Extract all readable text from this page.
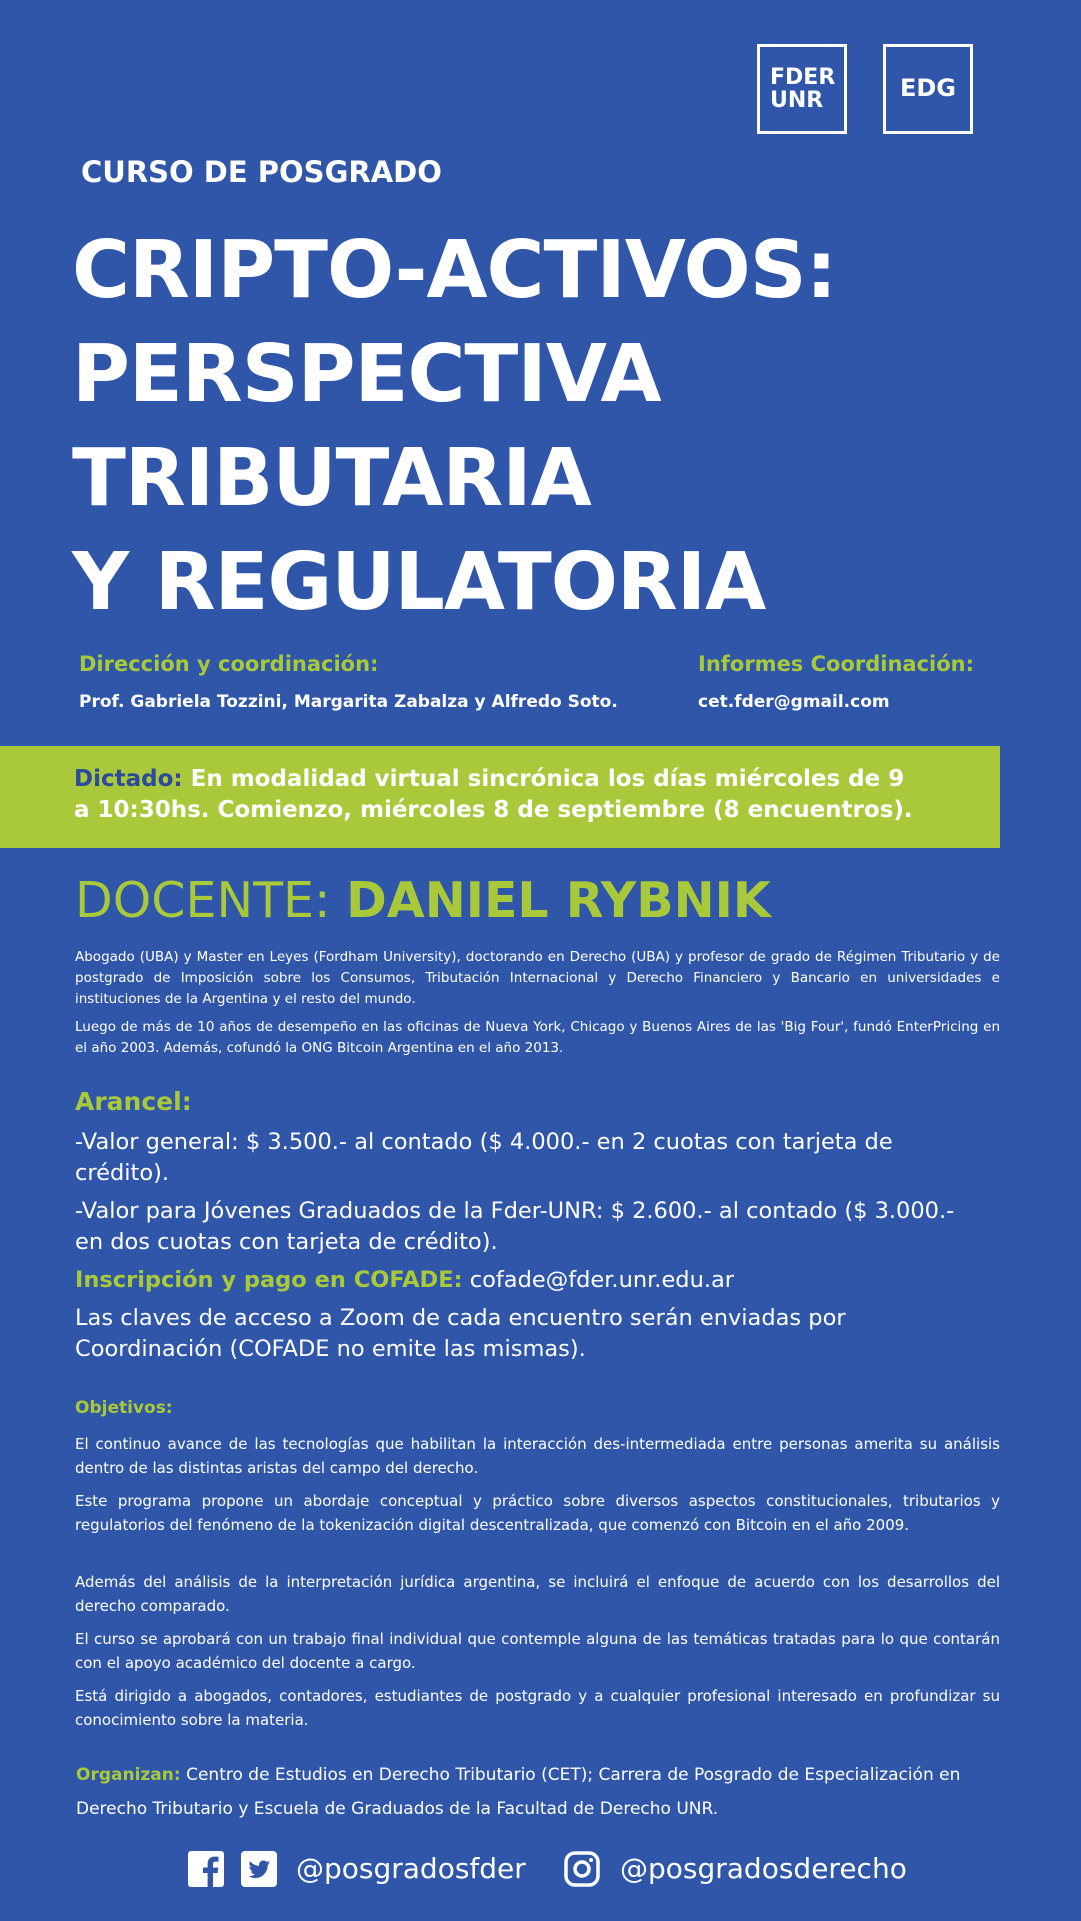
FDER
UNR	EDG
CURSO DE POSGRADO
CRIPTO-ACTIVOS:
PERSPECTIVA
TRIBUTARIA
Y REGULATORIA
Dirección y coordinación:
Prof. Gabriela Tozzini, Margarita Zabalza y Alfredo Soto.
Informes Coordinación:
cet.fder@gmail.com
Dictado: En modalidad virtual sincrónica los días miércoles de 9
a 10:30hs. Comienzo, miércoles 8 de septiembre (8 encuentros).
DOCENTE: DANIEL RYBNIK
Abogado (UBA) y Master en Leyes (Fordham University), doctorando en Derecho (UBA) y profesor de grado de Régimen Tributario y de postgrado de Imposición sobre los Consumos, Tributación Internacional y Derecho Financiero y Bancario en universidades e instituciones de la Argentina y el resto del mundo.
Luego de más de 10 años de desempeño en las oficinas de Nueva York, Chicago y Buenos Aires de las 'Big Four', fundó EnterPricing en el año 2003. Además, cofundó la ONG Bitcoin Argentina en el año 2013.
Arancel:
-Valor general: $ 3.500.- al contado ($ 4.000.- en 2 cuotas con tarjeta de crédito).
-Valor para Jóvenes Graduados de la Fder-UNR: $ 2.600.- al contado ($ 3.000.- en dos cuotas con tarjeta de crédito).
Inscripción y pago en COFADE: cofade@fder.unr.edu.ar
Las claves de acceso a Zoom de cada encuentro serán enviadas por Coordinación (COFADE no emite las mismas).
Objetivos:
El continuo avance de las tecnologías que habilitan la interacción des-intermediada entre personas amerita su análisis dentro de las distintas aristas del campo del derecho.
Este programa propone un abordaje conceptual y práctico sobre diversos aspectos constitucionales, tributarios y regulatorios del fenómeno de la tokenización digital descentralizada, que comenzó con Bitcoin en el año 2009.
Además del análisis de la interpretación jurídica argentina, se incluirá el enfoque de acuerdo con los desarrollos del derecho comparado.
El curso se aprobará con un trabajo final individual que contemple alguna de las temáticas tratadas para lo que contarán con el apoyo académico del docente a cargo.
Está dirigido a abogados, contadores, estudiantes de postgrado y a cualquier profesional interesado en profundizar su conocimiento sobre la materia.
Organizan: Centro de Estudios en Derecho Tributario (CET); Carrera de Posgrado de Especialización en Derecho Tributario y Escuela de Graduados de la Facultad de Derecho UNR.
@posgradosfder	@posgradosderecho
